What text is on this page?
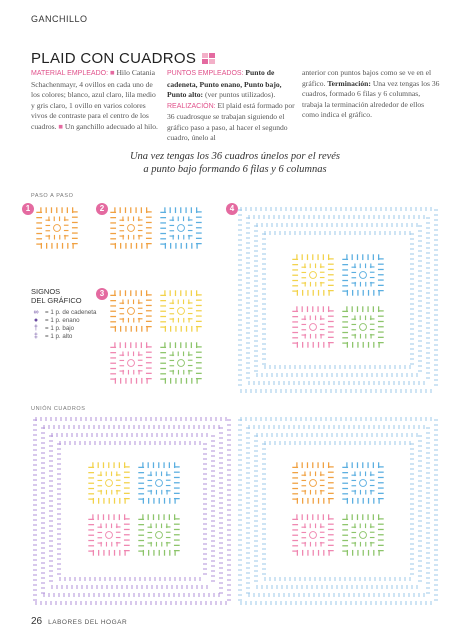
GANCHILLO
PLAID CON CUADROS
MATERIAL EMPLEADO: ■ Hilo Catania Schachenmayr, 4 ovillos en cada uno de los colores; blanco, azul claro, lila medio y gris claro, 1 ovillo en varios colores vivos de contraste para el centro de los cuadros. ■ Un ganchillo adecuado al hilo.
PUNTOS EMPLEADOS: Punto de cadeneta, Punto enano, Punto bajo, Punto alto: (ver puntos utilizados). REALIZACIÓN: El plaid está formado por 36 cuadrosque se trabajan siguiendo el gráfico paso a paso, al hacer el segundo cuadro, únelo al
anterior con puntos bajos como se ve en el gráfico. Terminación: Una vez tengas los 36 cuadros, formado 6 filas y 6 columnas, trabaja la terminación alrededor de ellos como indica el gráfico.
Una vez tengas los 36 cuadros únelos por el revés
a punto bajo formando 6 filas y 6 columnas
PASO A PASO
1	2
3
4
SIGNOS
DEL GRÁFICO
∞	= 1 p. de cadeneta
●	= 1 p. enano
†	= 1 p. bajo
‡	= 1 p. alto
UNIÓN CUADROS
26 LABORES DEL HOGAR
